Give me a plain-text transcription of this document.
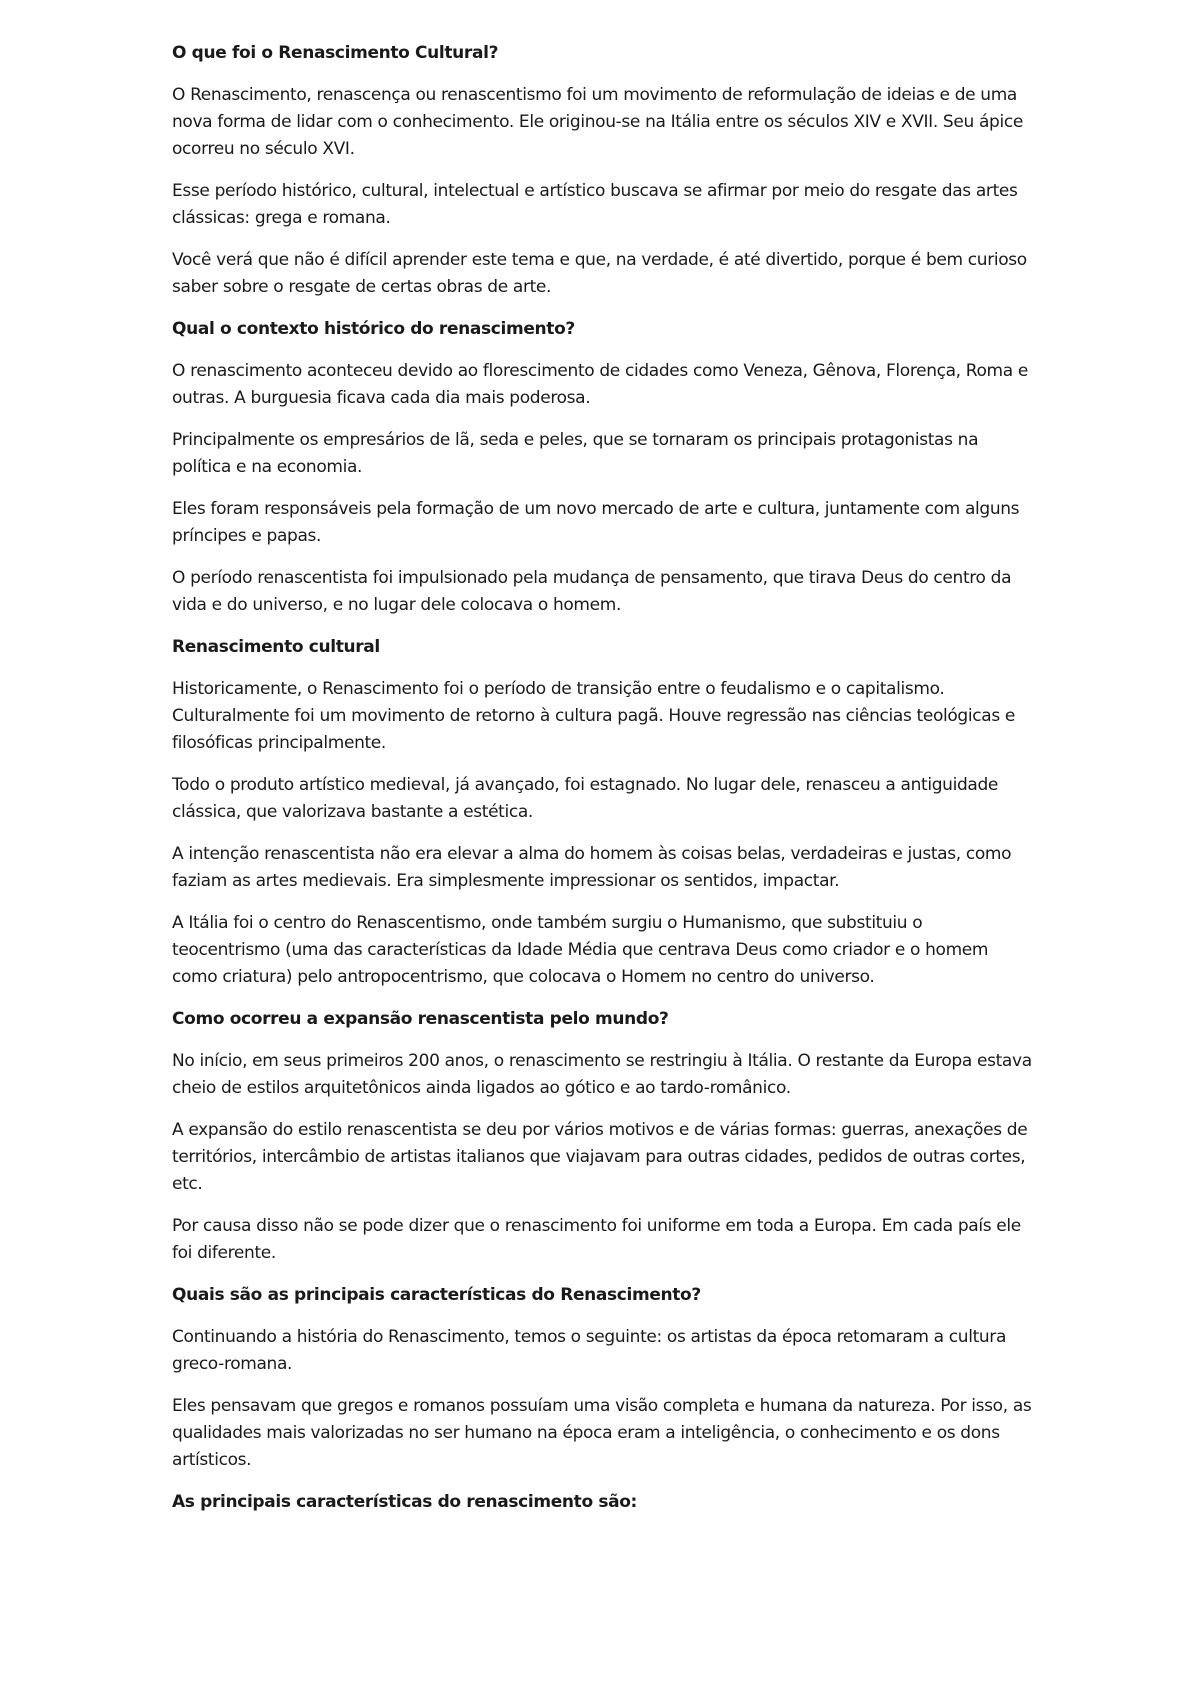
O que foi o Renascimento Cultural?

O Renascimento, renascença ou renascentismo foi um movimento de reformulação de ideias e de uma nova forma de lidar com o conhecimento. Ele originou-se na Itália entre os séculos XIV e XVII. Seu ápice ocorreu no século XVI.

Esse período histórico, cultural, intelectual e artístico buscava se afirmar por meio do resgate das artes clássicas: grega e romana.

Você verá que não é difícil aprender este tema e que, na verdade, é até divertido, porque é bem curioso saber sobre o resgate de certas obras de arte.

Qual o contexto histórico do renascimento?

O renascimento aconteceu devido ao florescimento de cidades como Veneza, Gênova, Florença, Roma e outras. A burguesia ficava cada dia mais poderosa.

Principalmente os empresários de lã, seda e peles, que se tornaram os principais protagonistas na política e na economia.

Eles foram responsáveis pela formação de um novo mercado de arte e cultura, juntamente com alguns príncipes e papas.

O período renascentista foi impulsionado pela mudança de pensamento, que tirava Deus do centro da vida e do universo, e no lugar dele colocava o homem.

Renascimento cultural

Historicamente, o Renascimento foi o período de transição entre o feudalismo e o capitalismo. Culturalmente foi um movimento de retorno à cultura pagã. Houve regressão nas ciências teológicas e filosóficas principalmente.

Todo o produto artístico medieval, já avançado, foi estagnado. No lugar dele, renasceu a antiguidade clássica, que valorizava bastante a estética.

A intenção renascentista não era elevar a alma do homem às coisas belas, verdadeiras e justas, como faziam as artes medievais. Era simplesmente impressionar os sentidos, impactar.

A Itália foi o centro do Renascentismo, onde também surgiu o Humanismo, que substituiu o teocentrismo (uma das características da Idade Média que centrava Deus como criador e o homem como criatura) pelo antropocentrismo, que colocava o Homem no centro do universo.

Como ocorreu a expansão renascentista pelo mundo?

No início, em seus primeiros 200 anos, o renascimento se restringiu à Itália. O restante da Europa estava cheio de estilos arquitetônicos ainda ligados ao gótico e ao tardo-românico.

A expansão do estilo renascentista se deu por vários motivos e de várias formas: guerras, anexações de territórios, intercâmbio de artistas italianos que viajavam para outras cidades, pedidos de outras cortes, etc.

Por causa disso não se pode dizer que o renascimento foi uniforme em toda a Europa. Em cada país ele foi diferente.

Quais são as principais características do Renascimento?

Continuando a história do Renascimento, temos o seguinte: os artistas da época retomaram a cultura greco-romana.

Eles pensavam que gregos e romanos possuíam uma visão completa e humana da natureza. Por isso, as qualidades mais valorizadas no ser humano na época eram a inteligência, o conhecimento e os dons artísticos.

As principais características do renascimento são:
